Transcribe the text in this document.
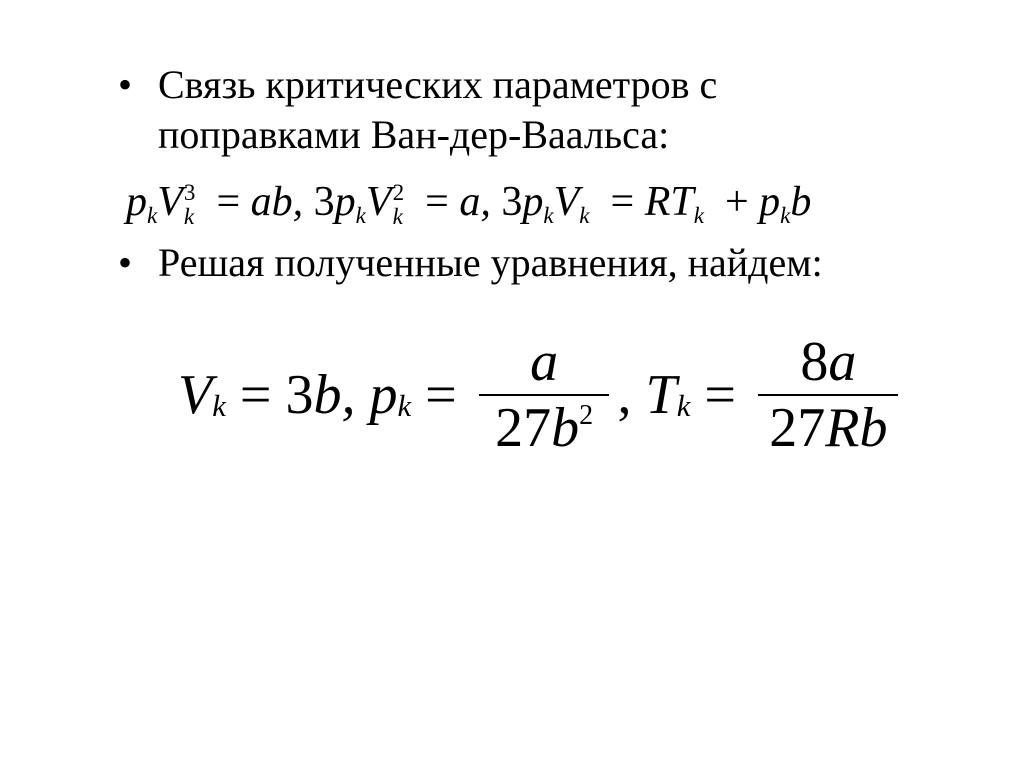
• Связь критических параметров с
поправками Ван-дер-Ваальса:
pkV 3
k = ab, 3pkV 2
k = a, 3pkVk = RTk + pkb
• Решая полученные уравнения, найдем:
V k = 3 b, p $k = \frac{a}{27b^2}$ , T $k = \frac{8a}{27Rb}$
